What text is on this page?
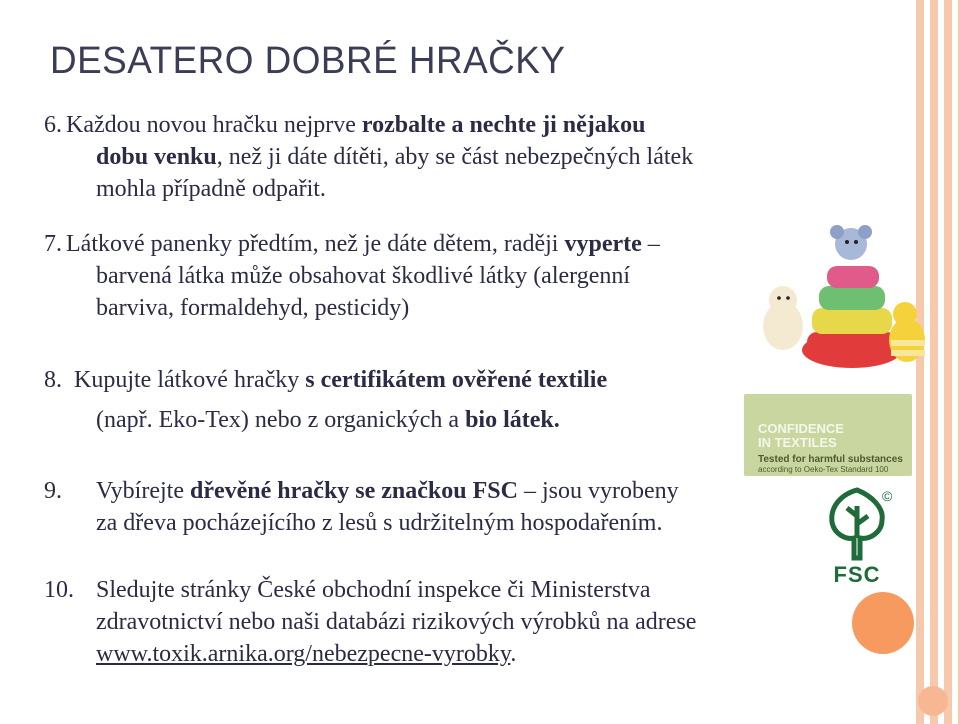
DESATERO DOBRÉ HRAČKY
6. Každou novou hračku nejprve rozbalte a nechte ji nějakou
dobu venku, než ji dáte dítěti, aby se část nebezpečných látek
mohla případně odpařit.
7. Látkové panenky předtím, než je dáte dětem, raději vyperte –
barvená látka může obsahovat škodlivé látky (alergenní
barviva, formaldehyd, pesticidy)
8. Kupujte látkové hračky s certifikátem ověřené textilie
(např. Eko-Tex) nebo z organických a bio látek.
9.	Vybírejte dřevěné hračky se značkou FSC – jsou vyrobeny
za dřeva pocházejícího z lesů s udržitelným hospodařením.
10. Sledujte stránky České obchodní inspekce či Ministerstva
zdravotnictví nebo naši databázi rizikových výrobků na adrese
www.toxik.arnika.org/nebezpecne-vyrobky.
CONFIDENCE
IN TEXTILES
Tested for harmful substances
according to Oeko-Tex Standard 100
©
FSC
